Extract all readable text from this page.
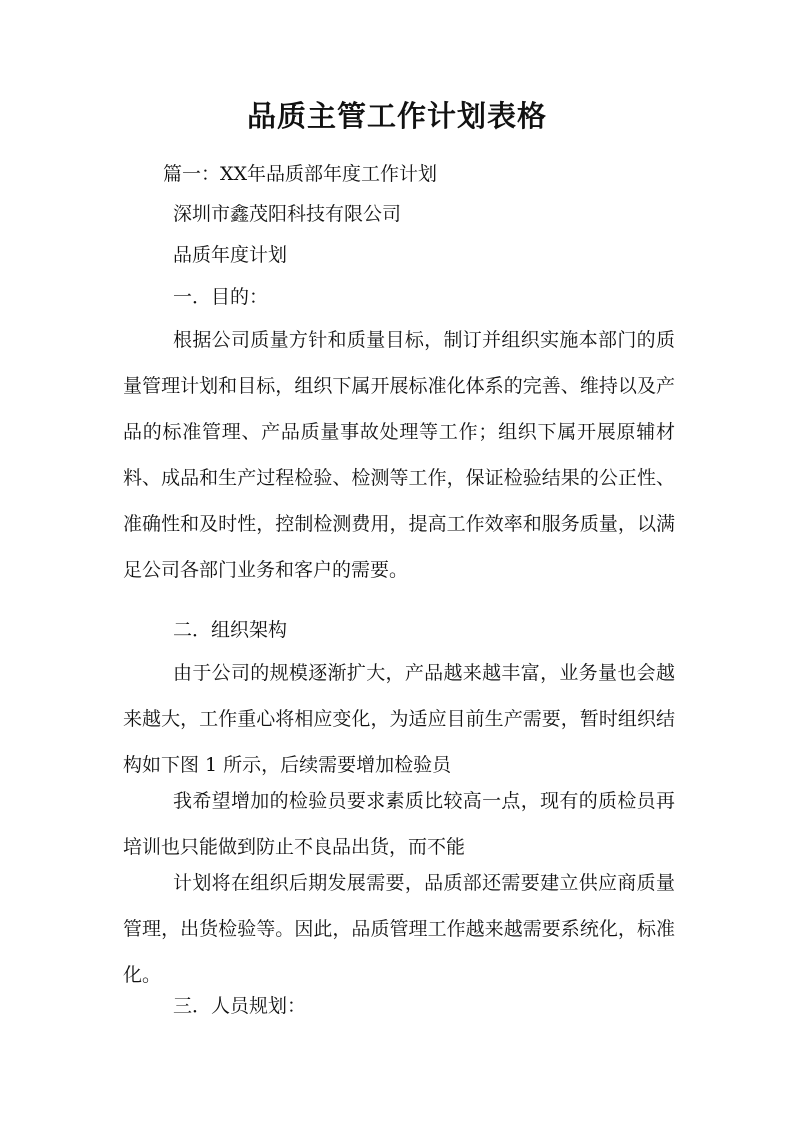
品质主管工作计划表格
篇一：XX年品质部年度工作计划
深圳市鑫茂阳科技有限公司
品质年度计划
一．目的：
根据公司质量方针和质量目标，制订并组织实施本部门的质量管理计划和目标，组织下属开展标准化体系的完善、维持以及产品的标准管理、产品质量事故处理等工作；组织下属开展原辅材料、成品和生产过程检验、检测等工作，保证检验结果的公正性、准确性和及时性，控制检测费用，提高工作效率和服务质量，以满足公司各部门业务和客户的需要。
二．组织架构
由于公司的规模逐渐扩大，产品越来越丰富，业务量也会越来越大，工作重心将相应变化，为适应目前生产需要，暂时组织结构如下图 1 所示，后续需要增加检验员
我希望增加的检验员要求素质比较高一点，现有的质检员再培训也只能做到防止不良品出货，而不能
计划将在组织后期发展需要，品质部还需要建立供应商质量管理，出货检验等。因此，品质管理工作越来越需要系统化，标准化。
三．人员规划：
